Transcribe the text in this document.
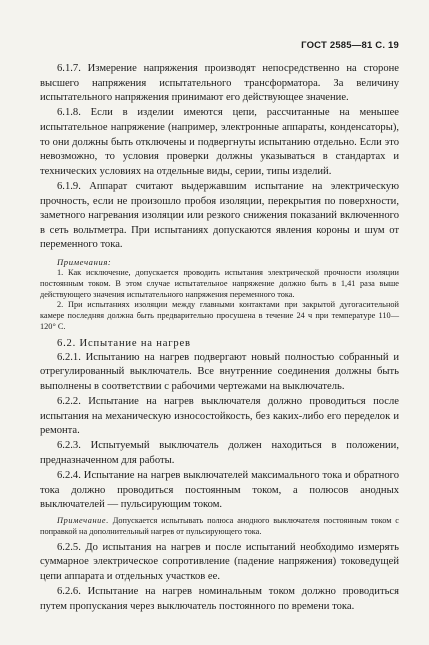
ГОСТ 2585—81 С. 19

6.1.7. Измерение напряжения производят непосредственно на стороне высшего напряжения испытательного трансформатора. За величину испытательного напряжения принимают его действующее значение.

6.1.8. Если в изделии имеются цепи, рассчитанные на меньшее испытательное напряжение (например, электронные аппараты, конденсаторы), то они должны быть отключены и подвергнуты испытанию отдельно. Если это невозможно, то условия проверки должны указываться в стандартах и технических условиях на отдельные виды, серии, типы изделий.

6.1.9. Аппарат считают выдержавшим испытание на электрическую прочность, если не произошло пробоя изоляции, перекрытия по поверхности, заметного нагревания изоляции или резкого снижения показаний включенного в сеть вольтметра. При испытаниях допускаются явления короны и шум от переменного тока.

Примечания:

1. Как исключение, допускается проводить испытания электрической прочности изоляции постоянным током. В этом случае испытательное напряжение должно быть в 1,41 раза выше действующего значения испытательного напряжения переменного тока.

2. При испытаниях изоляции между главными контактами при закрытой дугогасительной камере последняя должна быть предварительно просушена в течение 24 ч при температуре 110—120° С.

6.2. Испытание на нагрев

6.2.1. Испытанию на нагрев подвергают новый полностью собранный и отрегулированный выключатель. Все внутренние соединения должны быть выполнены в соответствии с рабочими чертежами на выключатель.

6.2.2. Испытание на нагрев выключателя должно проводиться после испытания на механическую износостойкость, без каких-либо его переделок и ремонта.

6.2.3. Испытуемый выключатель должен находиться в положении, предназначенном для работы.

6.2.4. Испытание на нагрев выключателей максимального тока и обратного тока должно проводиться постоянным током, а полюсов анодных выключателей — пульсирующим током.

Примечание. Допускается испытывать полюса анодного выключателя постоянным током с поправкой на дополнительный нагрев от пульсирующего тока.

6.2.5. До испытания на нагрев и после испытаний необходимо измерять суммарное электрическое сопротивление (падение напряжения) токоведущей цепи аппарата и отдельных участков ее.

6.2.6. Испытание на нагрев номинальным током должно проводиться путем пропускания через выключатель постоянного по времени тока.
